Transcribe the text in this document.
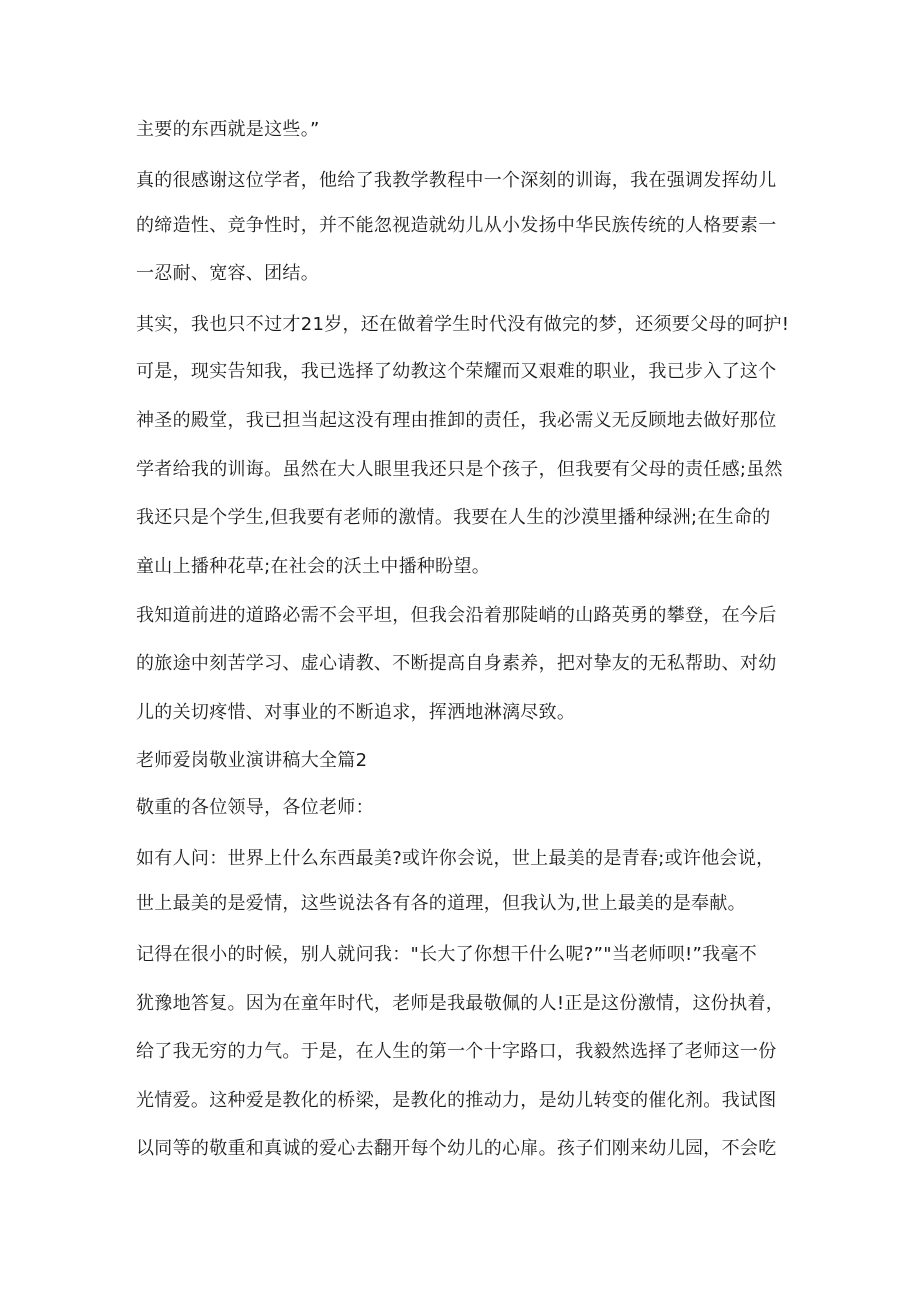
主要的东西就是这些。”

真的很感谢这位学者，他给了我教学教程中一个深刻的训诲，我在强调发挥幼儿

的缔造性、竞争性时，并不能忽视造就幼儿从小发扬中华民族传统的人格要素一

一忍耐、宽容、团结。

其实，我也只不过才21岁，还在做着学生时代没有做完的梦，还须要父母的呵护!

可是，现实告知我，我已选择了幼教这个荣耀而又艰难的职业，我已步入了这个

神圣的殿堂，我已担当起这没有理由推卸的责任，我必需义无反顾地去做好那位

学者给我的训诲。虽然在大人眼里我还只是个孩子，但我要有父母的责任感;虽然

我还只是个学生,但我要有老师的激情。我要在人生的沙漠里播种绿洲;在生命的

童山上播种花草;在社会的沃土中播种盼望。

我知道前进的道路必需不会平坦，但我会沿着那陡峭的山路英勇的攀登，在今后

的旅途中刻苦学习、虚心请教、不断提高自身素养，把对挚友的无私帮助、对幼

儿的关切疼惜、对事业的不断追求，挥洒地淋漓尽致。

老师爱岗敬业演讲稿大全篇2

敬重的各位领导，各位老师：

如有人问：世界上什么东西最美?或许你会说，世上最美的是青春;或许他会说，

世上最美的是爱情，这些说法各有各的道理，但我认为,世上最美的是奉献。

记得在很小的时候，别人就问我："长大了你想干什么呢?”"当老师呗!”我毫不

犹豫地答复。因为在童年时代，老师是我最敬佩的人!正是这份激情，这份执着，

给了我无穷的力气。于是，在人生的第一个十字路口，我毅然选择了老师这一份

光情爱。这种爱是教化的桥梁，是教化的推动力，是幼儿转变的催化剂。我试图

以同等的敬重和真诚的爱心去翻开每个幼儿的心扉。孩子们刚来幼儿园，不会吃
